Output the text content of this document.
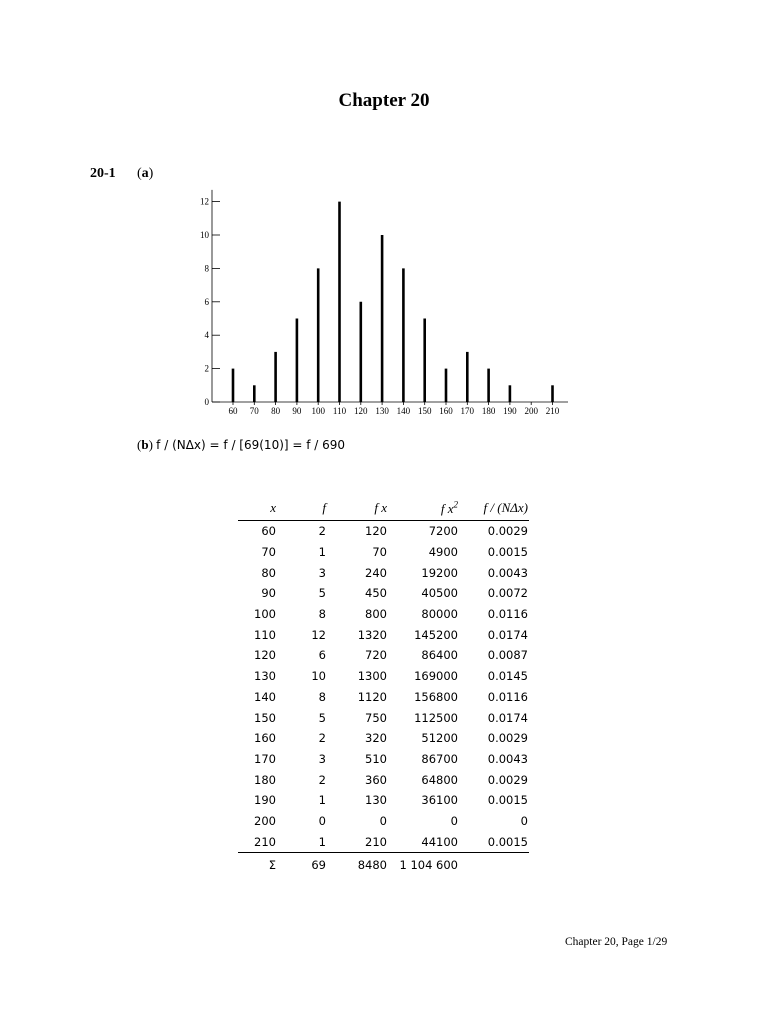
Chapter 20
20-1 (a)
0
2
4
6
8
10
12
60 70 80 90 100 110 120 130 140 150 160 170 180 190 200 210
(b) f / (NΔx) = f / [69(10)] = f / 690
x	f	f x	f $x^2$	f / (NΔx)
60	2	120	7200	0.0029
70	1	70	4900	0.0015
80	3	240	19200	0.0043
90	5	450	40500	0.0072
100	8	800	80000	0.0116
110	12	1320	145200	0.0174
120	6	720	86400	0.0087
130	10	1300	169000	0.0145
140	8	1120	156800	0.0116
150	5	750	112500	0.0174
160	2	320	51200	0.0029
170	3	510	86700	0.0043
180	2	360	64800	0.0029
190	1	130	36100	0.0015
200	0	0	0	0
210	1	210	44100	0.0015
Σ	69	8480	1 104 600	
Chapter 20, Page 1/29
